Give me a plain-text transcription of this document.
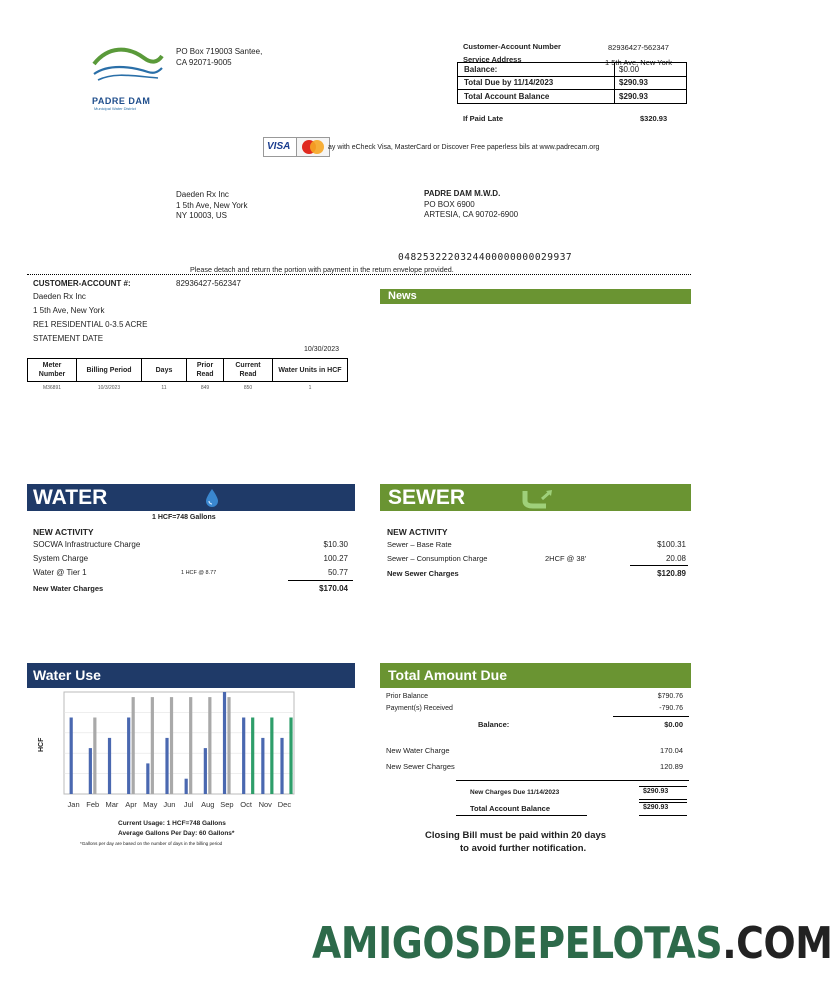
PADRE DAM
Municipal Water District
PO Box 719003 Santee,
CA 92071-9005
Customer-Account Number	82936427-562347
Service Address	1 5th Ave, New York
Balance:	$0.00
Total Due by 11/14/2023	$290.93
Total Account Balance	$290.93
If Paid Late	$320.93
VISA	ay with eCheck Visa, MasterCard or Discover Free paperless bils at www.padrecam.org
Daeden Rx Inc
1 5th Ave, New York
NY 10003, US
PADRE DAM M.W.D.
PO BOX 6900
ARTESIA, CA 90702-6900
0482532220324400000000029937
Please detach and return the portion with payment in the return envelope provided.
CUSTOMER-ACCOUNT #:	82936427-562347
Daeden Rx Inc
1 5th Ave, New York
RE1 RESIDENTIAL 0-3.5 ACRE
STATEMENT DATE
10/30/2023
Meter Number	Billing Period	Days	Prior Read	Current Read	Water Units in HCF
M36891	10/3/2023	11	849	850	1
News
WATER
1 HCF=748 Gallons
NEW ACTIVITY
SOCWA Infrastructure Charge	$10.30
System Charge	100.27
Water @ Tier 1	1 HCF @ 8.77	50.77
New Water Charges	$170.04
SEWER
NEW ACTIVITY
Sewer – Base Rate	$100.31
Sewer – Consumption Charge	2HCF @ 38'	20.08
New Sewer Charges	$120.89
Water Use
HCF
Jan Feb Mar Apr May Jun Jul Aug Sep Oct Nov Dec
Current Usage: 1 HCF=748 Gallons
Average Gallons Per Day: 60 Gallons*
*Gallons per day are based on the number of days in the billing period
Total Amount Due
Prior Balance	$790.76
Payment(s) Received	-790.76
Balance:	$0.00
New Water Charge	170.04
New Sewer Charges	120.89
New Charges Due 11/14/2023	$290.93
Total Account Balance	$290.93
Closing Bill must be paid within 20 days
to avoid further notification.
AMIGOSDEPELOTAS.COM
